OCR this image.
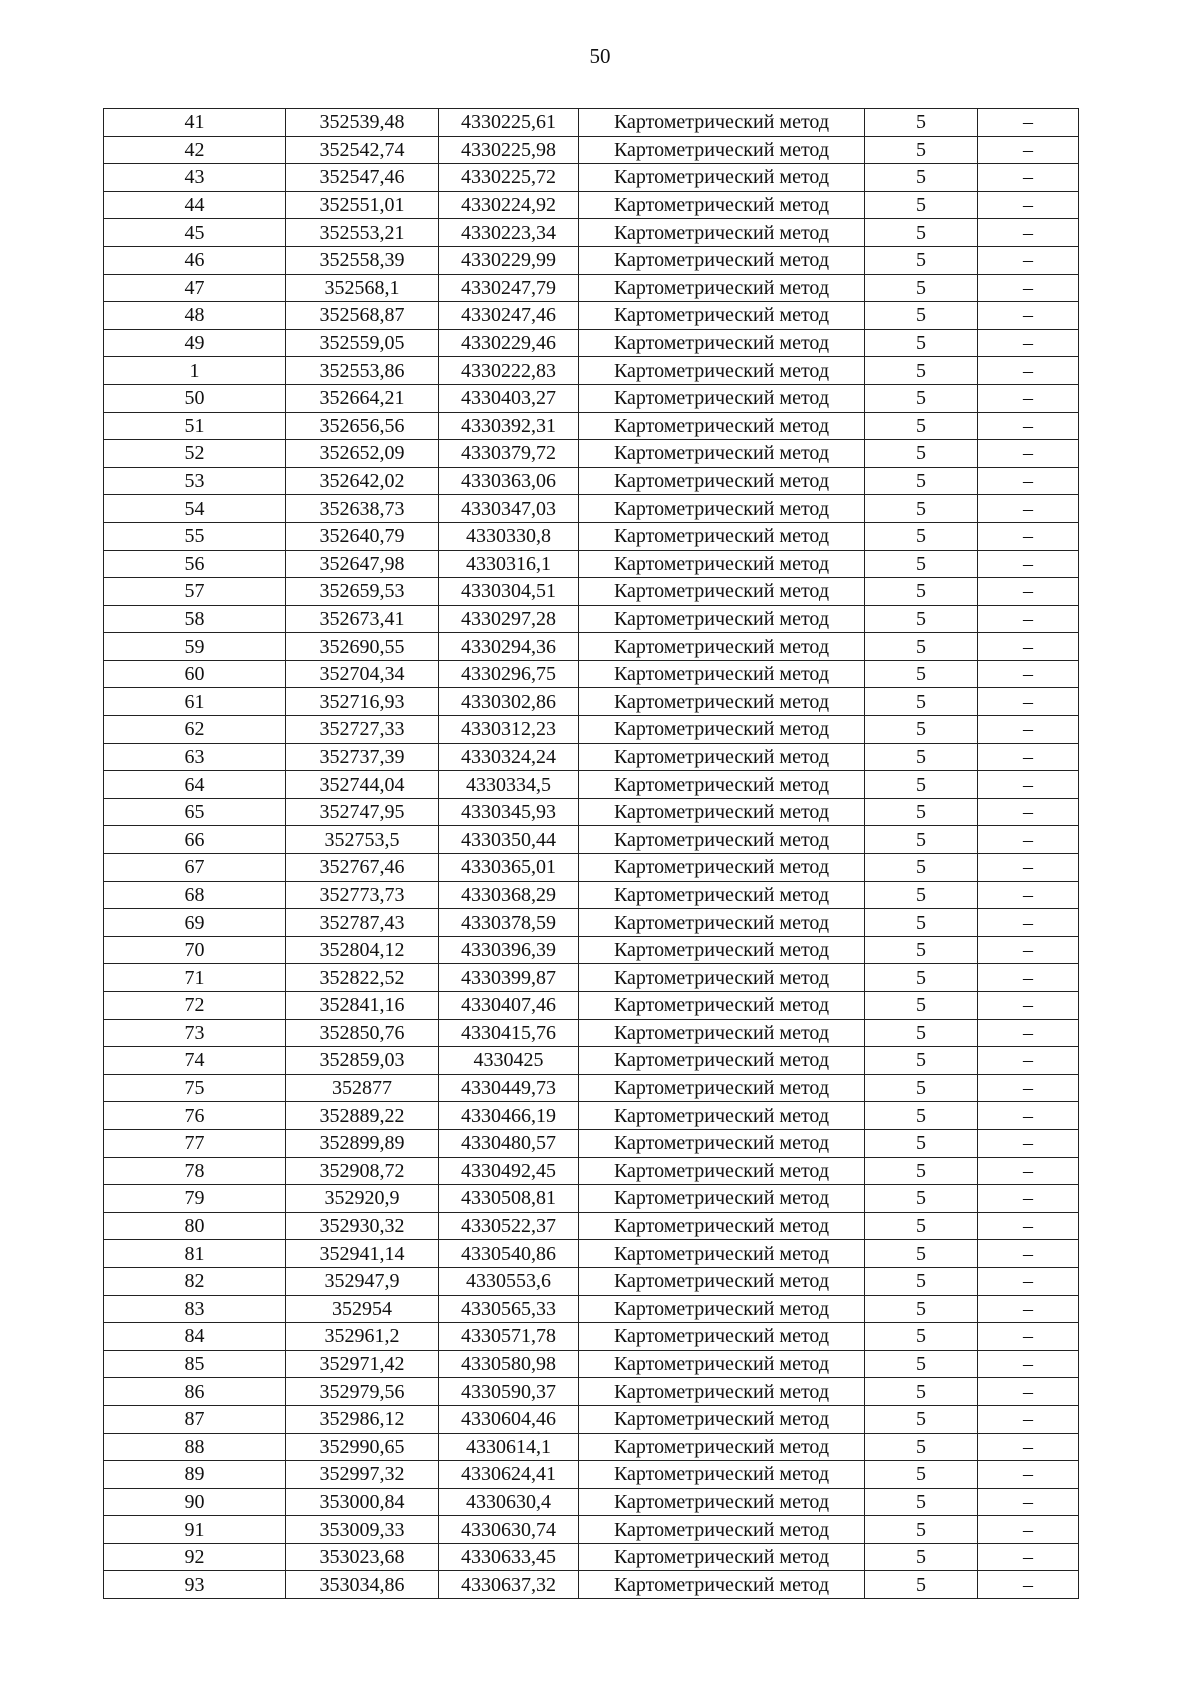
50
41	352539,48	4330225,61	Картометрический метод	5	–
42	352542,74	4330225,98	Картометрический метод	5	–
43	352547,46	4330225,72	Картометрический метод	5	–
44	352551,01	4330224,92	Картометрический метод	5	–
45	352553,21	4330223,34	Картометрический метод	5	–
46	352558,39	4330229,99	Картометрический метод	5	–
47	352568,1	4330247,79	Картометрический метод	5	–
48	352568,87	4330247,46	Картометрический метод	5	–
49	352559,05	4330229,46	Картометрический метод	5	–
1	352553,86	4330222,83	Картометрический метод	5	–
50	352664,21	4330403,27	Картометрический метод	5	–
51	352656,56	4330392,31	Картометрический метод	5	–
52	352652,09	4330379,72	Картометрический метод	5	–
53	352642,02	4330363,06	Картометрический метод	5	–
54	352638,73	4330347,03	Картометрический метод	5	–
55	352640,79	4330330,8	Картометрический метод	5	–
56	352647,98	4330316,1	Картометрический метод	5	–
57	352659,53	4330304,51	Картометрический метод	5	–
58	352673,41	4330297,28	Картометрический метод	5	–
59	352690,55	4330294,36	Картометрический метод	5	–
60	352704,34	4330296,75	Картометрический метод	5	–
61	352716,93	4330302,86	Картометрический метод	5	–
62	352727,33	4330312,23	Картометрический метод	5	–
63	352737,39	4330324,24	Картометрический метод	5	–
64	352744,04	4330334,5	Картометрический метод	5	–
65	352747,95	4330345,93	Картометрический метод	5	–
66	352753,5	4330350,44	Картометрический метод	5	–
67	352767,46	4330365,01	Картометрический метод	5	–
68	352773,73	4330368,29	Картометрический метод	5	–
69	352787,43	4330378,59	Картометрический метод	5	–
70	352804,12	4330396,39	Картометрический метод	5	–
71	352822,52	4330399,87	Картометрический метод	5	–
72	352841,16	4330407,46	Картометрический метод	5	–
73	352850,76	4330415,76	Картометрический метод	5	–
74	352859,03	4330425	Картометрический метод	5	–
75	352877	4330449,73	Картометрический метод	5	–
76	352889,22	4330466,19	Картометрический метод	5	–
77	352899,89	4330480,57	Картометрический метод	5	–
78	352908,72	4330492,45	Картометрический метод	5	–
79	352920,9	4330508,81	Картометрический метод	5	–
80	352930,32	4330522,37	Картометрический метод	5	–
81	352941,14	4330540,86	Картометрический метод	5	–
82	352947,9	4330553,6	Картометрический метод	5	–
83	352954	4330565,33	Картометрический метод	5	–
84	352961,2	4330571,78	Картометрический метод	5	–
85	352971,42	4330580,98	Картометрический метод	5	–
86	352979,56	4330590,37	Картометрический метод	5	–
87	352986,12	4330604,46	Картометрический метод	5	–
88	352990,65	4330614,1	Картометрический метод	5	–
89	352997,32	4330624,41	Картометрический метод	5	–
90	353000,84	4330630,4	Картометрический метод	5	–
91	353009,33	4330630,74	Картометрический метод	5	–
92	353023,68	4330633,45	Картометрический метод	5	–
93	353034,86	4330637,32	Картометрический метод	5	–
